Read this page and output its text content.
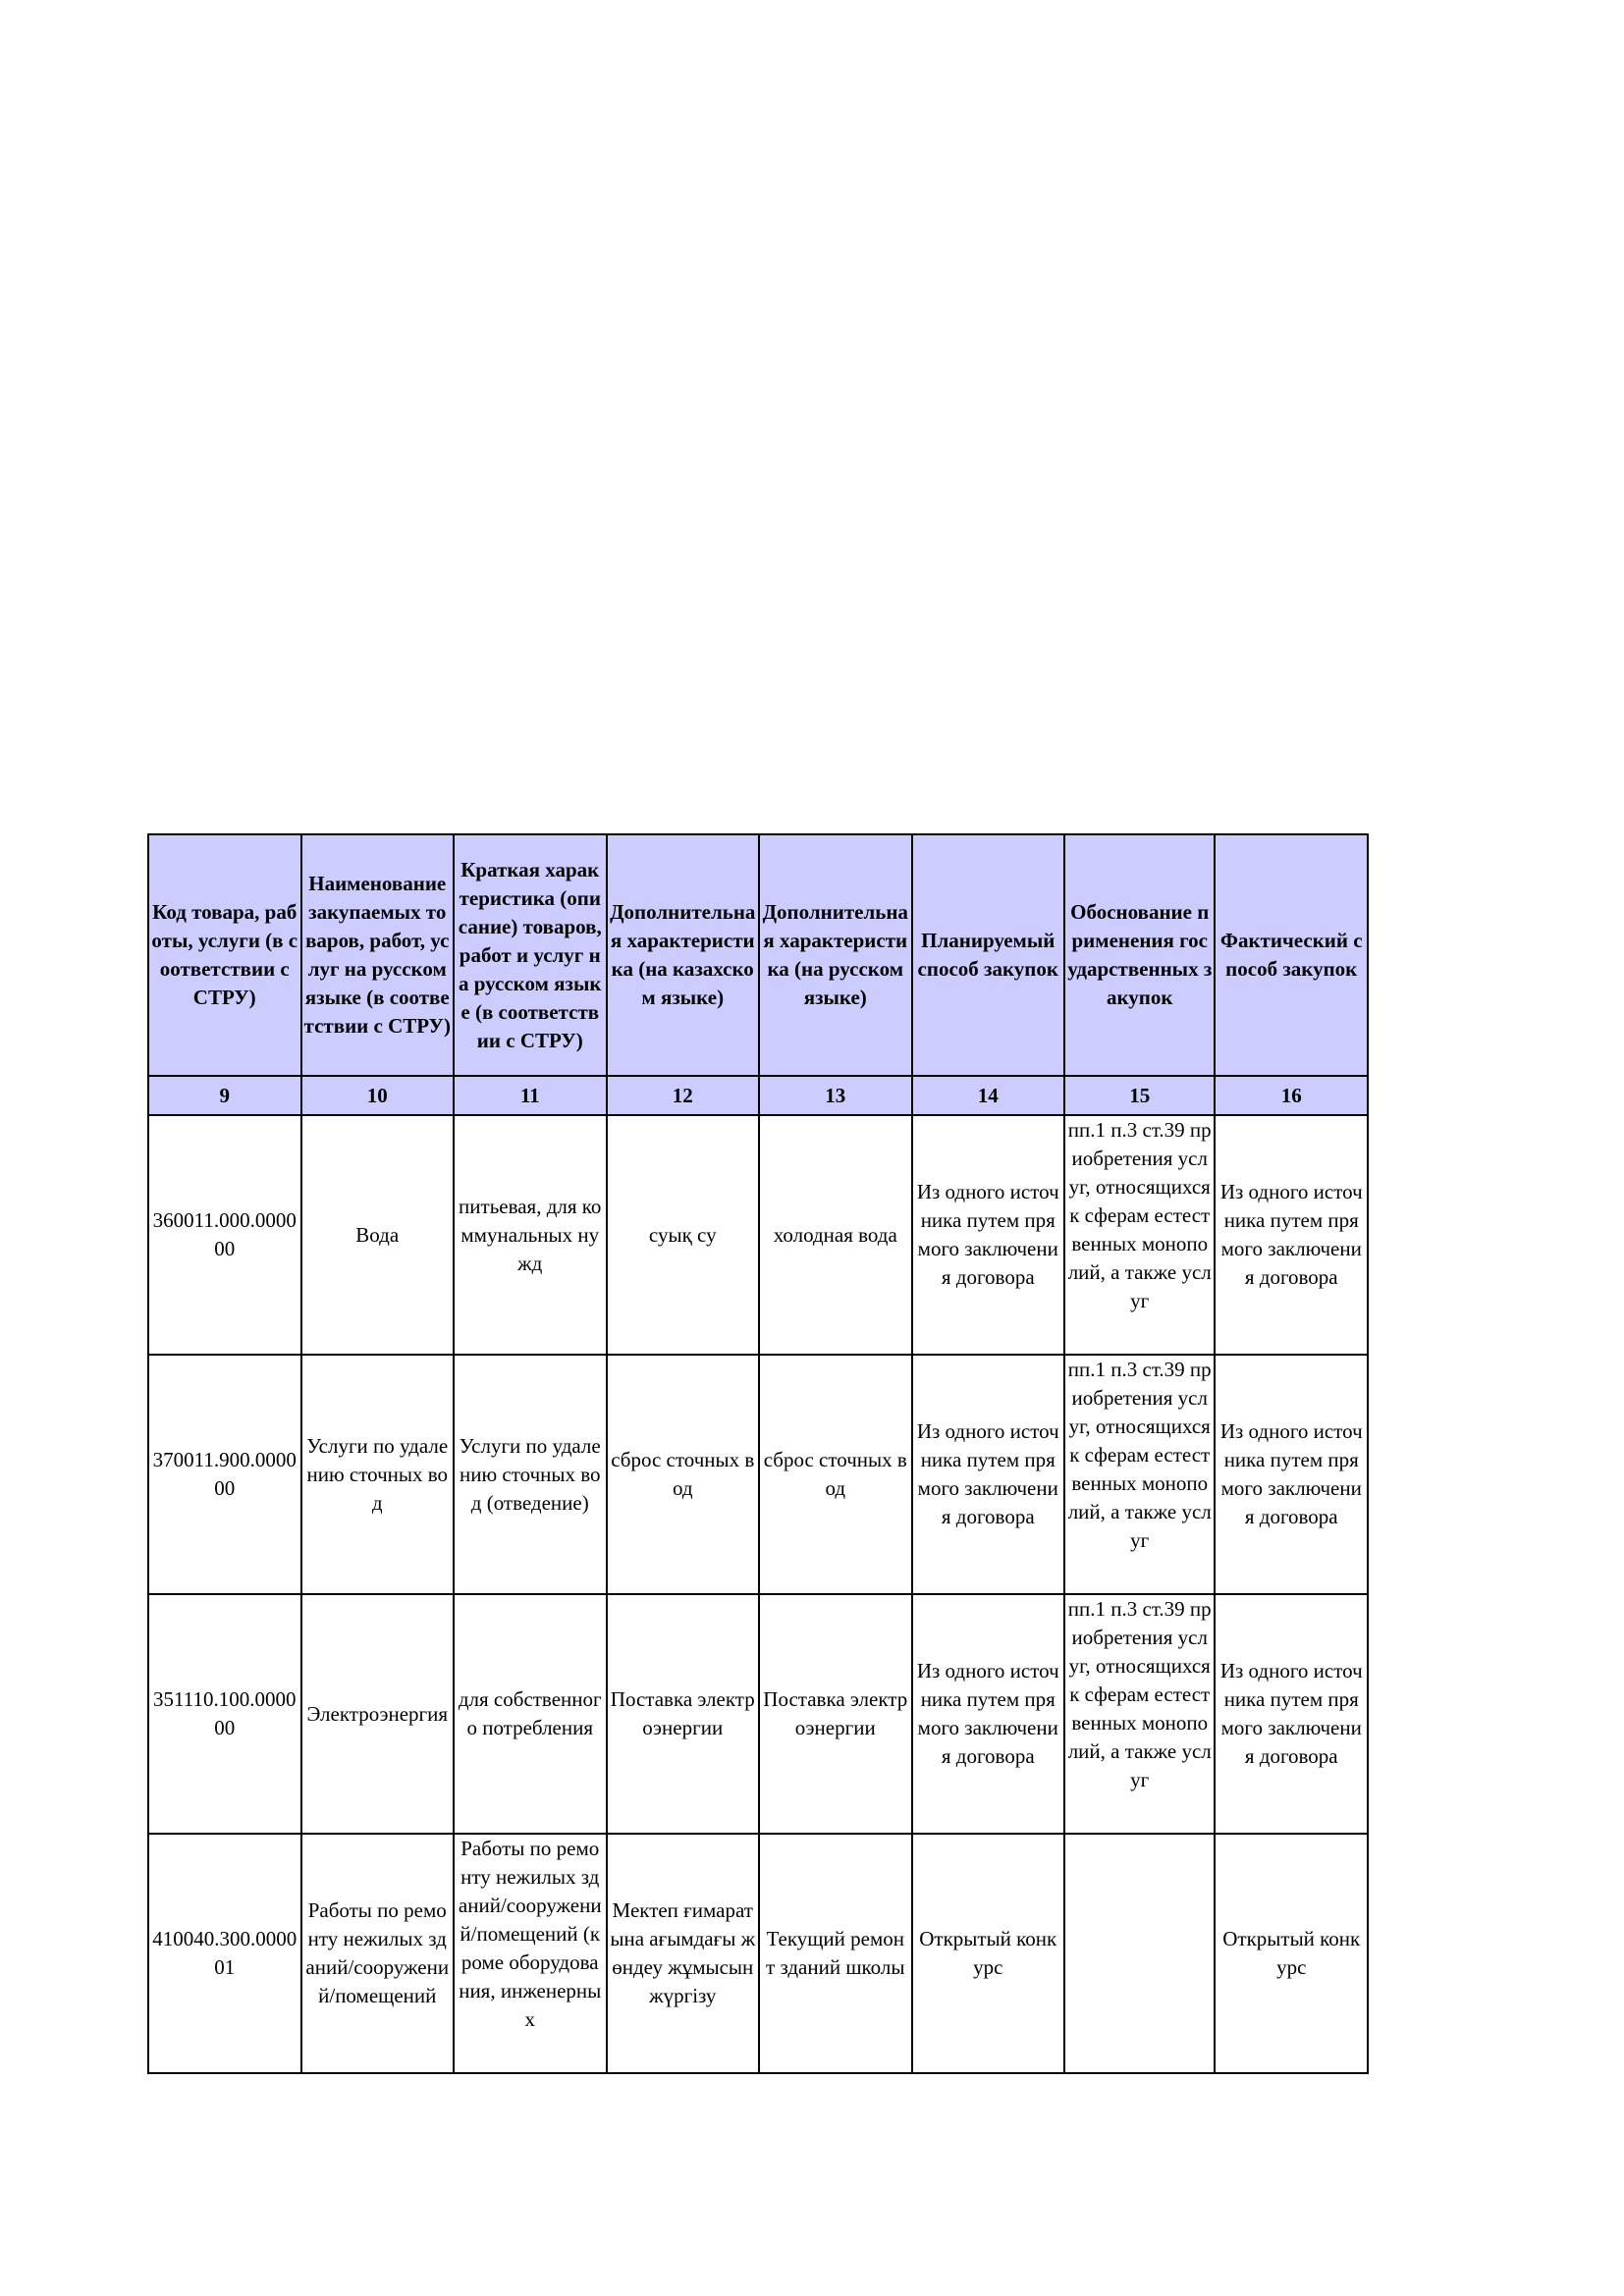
Код товара, работы, услуги (в соответствии с СТРУ)	Наименование закупаемых товаров, работ, услуг на русском языке (в соответствии с СТРУ)	Краткая характеристика (описание) товаров, работ и услуг на русском языке (в соответствии с СТРУ)	Дополнительная характеристика (на казахском языке)	Дополнительная характеристика (на русском языке)	Планируемый способ закупок	Обоснование применения государственных закупок	Фактический способ закупок

9	10	11	12	13	14	15	16

360011.000.000000	Вода	питьевая, для коммунальных нужд	суық су	холодная вода	Из одного источника путем прямого заключения договора	пп.1 п.3 ст.39 приобретения услуг, относящихся к сферам естественных монополий, а также услуг	Из одного источника путем прямого заключения договора

370011.900.000000	Услуги по удалению сточных вод	Услуги по удалению сточных вод (отведение)	сброс сточных вод	сброс сточных вод	Из одного источника путем прямого заключения договора	пп.1 п.3 ст.39 приобретения услуг, относящихся к сферам естественных монополий, а также услуг	Из одного источника путем прямого заключения договора

351110.100.000000	Электроэнергия	для собственного потребления	Поставка электроэнергии	Поставка электроэнергии	Из одного источника путем прямого заключения договора	пп.1 п.3 ст.39 приобретения услуг, относящихся к сферам естественных монополий, а также услуг	Из одного источника путем прямого заключения договора

410040.300.000001	Работы по ремонту нежилых зданий/сооружений/помещений	Работы по ремонту нежилых зданий/сооружений/помещений (кроме оборудования, инженерных	Мектеп ғимаратына ағымдағы жөндеу жұмысын жүргізу	Текущий ремонт зданий школы	Открытый конкурс		Открытый конкурс
